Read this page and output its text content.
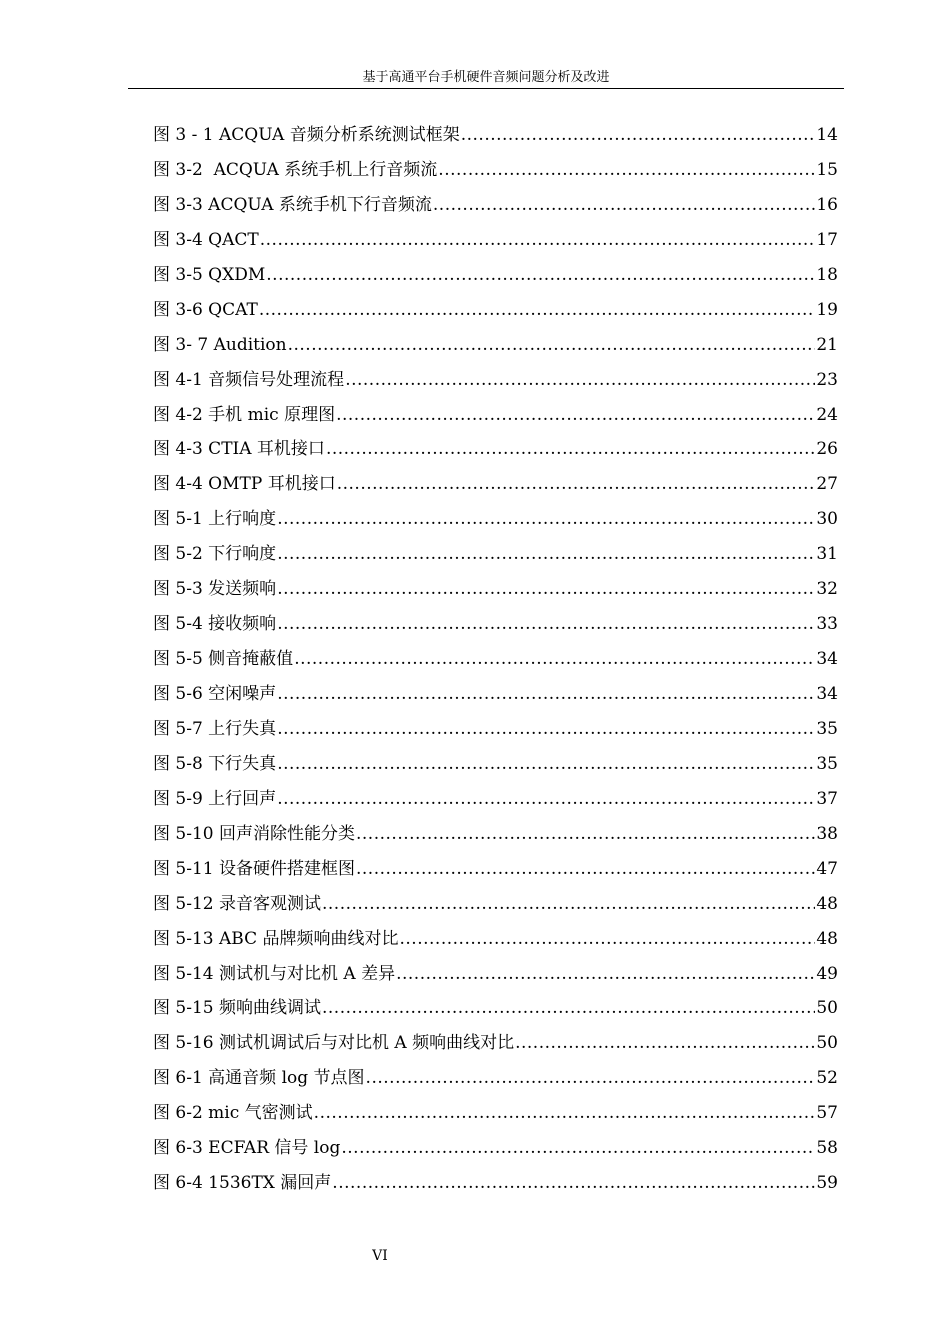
基于高通平台手机硬件音频问题分析及改进
图 3 - 1 ACQUA 音频分析系统测试框架 .....	14
图 3-2  ACQUA 系统手机上行音频流 .....	15
图 3-3 ACQUA 系统手机下行音频流 .....	16
图 3-4 QACT .....	17
图 3-5 QXDM .....	18
图 3-6 QCAT .....	19
图 3- 7 Audition .....	21
图 4-1 音频信号处理流程 .....	23
图 4-2 手机 mic 原理图 .....	24
图 4-3 CTIA 耳机接口 .....	26
图 4-4 OMTP 耳机接口 .....	27
图 5-1 上行响度 .....	30
图 5-2 下行响度 .....	31
图 5-3 发送频响 .....	32
图 5-4 接收频响 .....	33
图 5-5 侧音掩蔽值 .....	34
图 5-6 空闲噪声 .....	34
图 5-7 上行失真 .....	35
图 5-8 下行失真 .....	35
图 5-9 上行回声 .....	37
图 5-10 回声消除性能分类 .....	38
图 5-11 设备硬件搭建框图 .....	47
图 5-12 录音客观测试 .....	48
图 5-13 ABC 品牌频响曲线对比 .....	48
图 5-14 测试机与对比机 A 差异 .....	49
图 5-15 频响曲线调试 .....	50
图 5-16 测试机调试后与对比机 A 频响曲线对比 .....	50
图 6-1 高通音频 log 节点图 .....	52
图 6-2 mic 气密测试 .....	57
图 6-3 ECFAR 信号 log .....	58
图 6-4 1536TX 漏回声 .....	59
VI
